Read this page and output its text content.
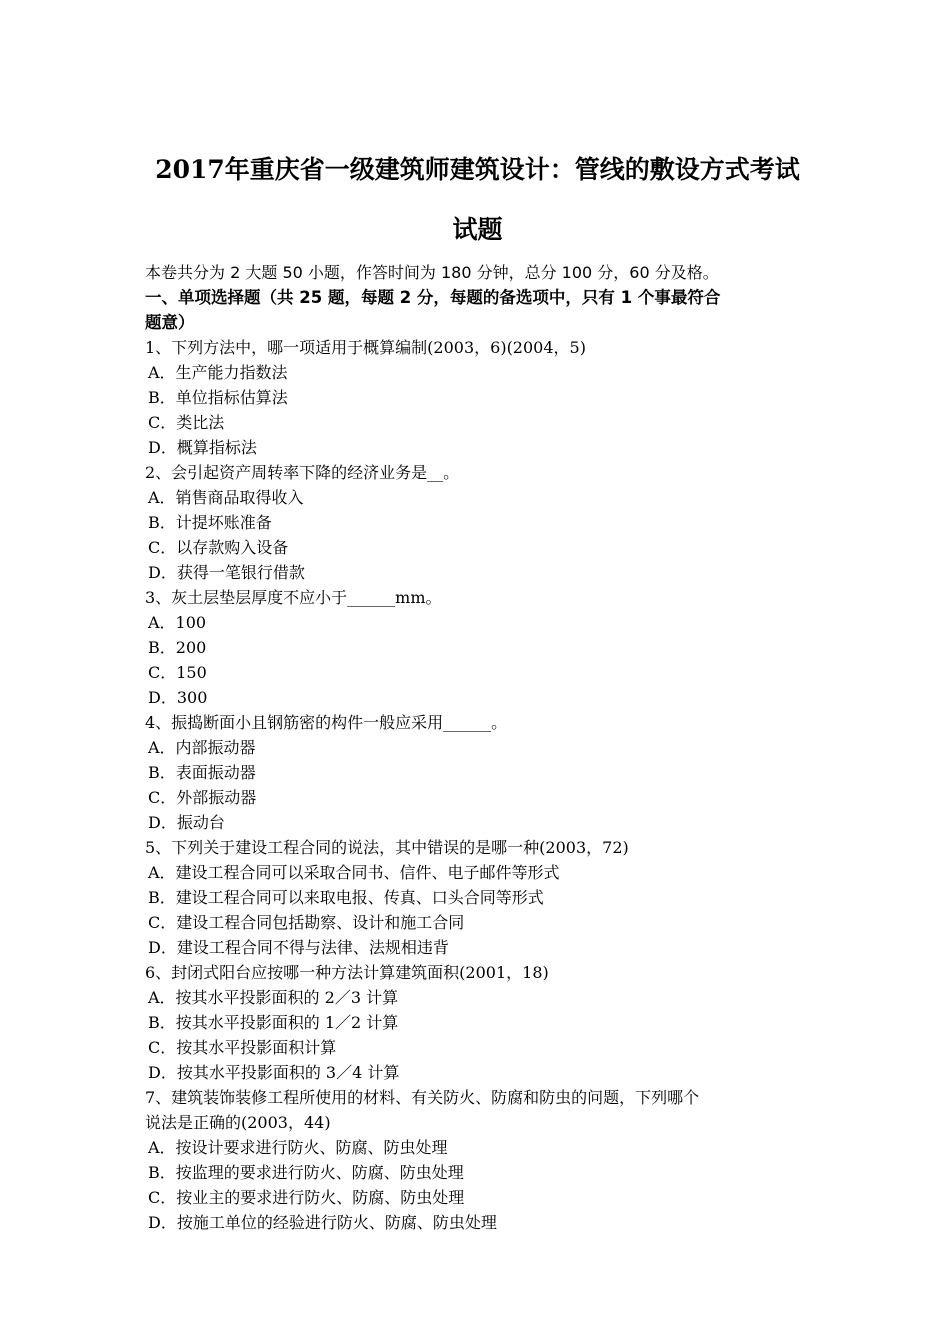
2017年重庆省一级建筑师建筑设计：管线的敷设方式考试
试题
本卷共分为 2 大题 50 小题，作答时间为 180 分钟，总分 100 分，60 分及格。
一、单项选择题（共 25 题，每题 2 分，每题的备选项中，只有 1 个事最符合
题意）
1、下列方法中，哪一项适用于概算编制(2003，6)(2004，5)
A．生产能力指数法
B．单位指标估算法
C．类比法
D．概算指标法
2、会引起资产周转率下降的经济业务是__。
A．销售商品取得收入
B．计提坏账准备
C．以存款购入设备
D．获得一笔银行借款
3、灰土层垫层厚度不应小于______mm。
A．100
B．200
C．150
D．300
4、振捣断面小且钢筋密的构件一般应采用______。
A．内部振动器
B．表面振动器
C．外部振动器
D．振动台
5、下列关于建设工程合同的说法，其中错误的是哪一种(2003，72)
A．建设工程合同可以采取合同书、信件、电子邮件等形式
B．建设工程合同可以来取电报、传真、口头合同等形式
C．建设工程合同包括勘察、设计和施工合同
D．建设工程合同不得与法律、法规相违背
6、封闭式阳台应按哪一种方法计算建筑面积(2001，18)
A．按其水平投影面积的 2／3 计算
B．按其水平投影面积的 1／2 计算
C．按其水平投影面积计算
D．按其水平投影面积的 3／4 计算
7、建筑装饰装修工程所使用的材料、有关防火、防腐和防虫的问题，下列哪个
说法是正确的(2003，44)
A．按设计要求进行防火、防腐、防虫处理
B．按监理的要求进行防火、防腐、防虫处理
C．按业主的要求进行防火、防腐、防虫处理
D．按施工单位的经验进行防火、防腐、防虫处理
